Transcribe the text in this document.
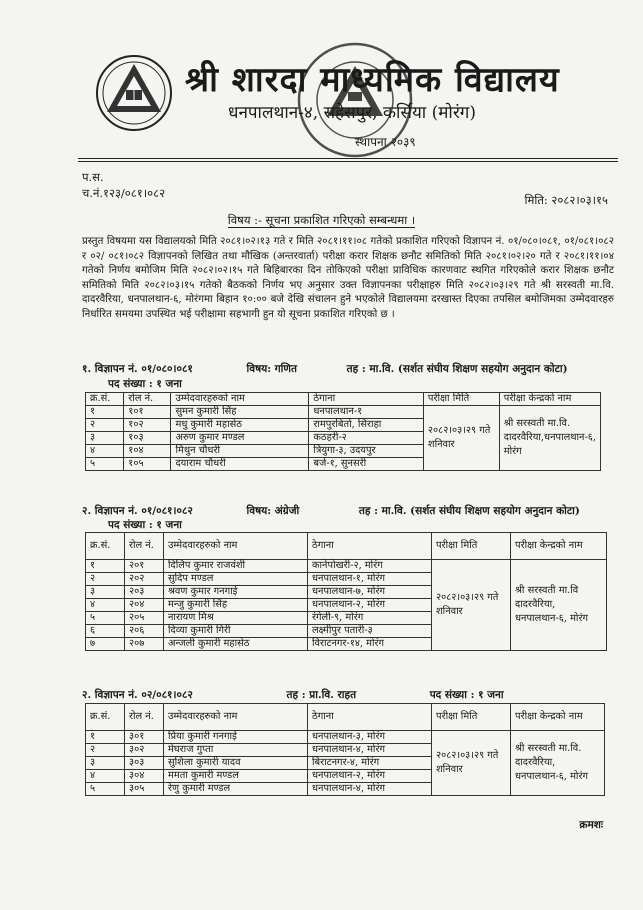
श्री शारदा माध्यमिक विद्यालय
धनपालथान-४, सहेसपुर, कर्सिया (मोरंग)
स्थापना २०३९
प.स.
च.नं.१२३/०८१।०८२	मिति: २०८२।०३।१५
विषय :- सूचना प्रकाशित गरिएको सम्बन्धमा ।
प्रस्तुत विषयमा यस विद्यालयको मिति २०८१।०२।१३ गते र मिति २०८१।११।०८ गतेको प्रकाशित गरिएको विज्ञापन नं. ०१/०८०।०८१, ०१/०८१।०८२ र ०२/ ०८१।०८२ विज्ञापनको लिखित तथा मौखिक (अन्तरवार्ता) परीक्षा करार शिक्षक छनौट समितिको मिति २०८१।०२।२० गते र २०८१।११।०४ गतेको निर्णय बमोजिम मिति २०८२।०२।१५ गते बिहिबारका दिन तोकिएको परीक्षा प्राविधिक कारणवाट स्थगित गरिएकोले करार शिक्षक छनौट समितिको मिति २०८२।०३।१५ गतेको बैठकको निर्णय भए अनुसार उक्त विज्ञापनका परीक्षाहरु मिति २०८२।०३।२९ गते श्री सरस्वती मा.वि. दादरवैरिया, धनपालथान-६, मोरंगमा बिहान १०:०० बजे देखि संचालन हुने भएकोले विद्यालयमा दरखास्त दिएका तपसिल बमोजिमका उम्मेदवारहरु निर्धारित समयमा उपस्थित भई परीक्षामा सहभागी हुन यो सूचना प्रकाशित गरिएको छ ।
१. विज्ञापन नं. ०१/०८०।०८१	विषय: गणित	तह : मा.वि. (सर्शत संघीय शिक्षण सहयोग अनुदान कोटा)
पद संख्या : १ जना
क्र.सं.	रोल नं.	उम्मेदवारहरुको नाम	ठेगाना	परीक्षा मिति	परीक्षा केन्द्रको नाम
१	१०१	सुमन कुमारी सिंह	धनपालथान-१	२०८२।०३।२९ गते शनिवार	श्री सरस्वती मा.वि. दादरवैरिया,धनपालथान-६, मोरंग
२	१०२	मधु कुमारी महासेठ	रामपुरबिर्ता, सिराहा		
३	१०३	अरुण कुमार मण्डल	कठहरी-२		
४	१०४	मिथुन चौधरी	त्रियुगा-३, उदयपुर		
५	१०५	दयाराम चौधरी	बर्ज-१, सुनसरी		
२. विज्ञापन नं. ०१/०८१।०८२	विषय: अंग्रेजी	तह : मा.वि. (सर्शत संघीय शिक्षण सहयोग अनुदान कोटा)
पद संख्या : १ जना
क्र.सं.	रोल नं.	उम्मेदवारहरुको नाम	ठेगाना	परीक्षा मिति	परीक्षा केन्द्रको नाम
१	२०१	दिलिप कुमार राजवंशी	कानेपोखरी-२, मोरंग	२०८२।०३।२९ गते शनिवार	श्री सरस्वती मा.वि दादरवैरिया, धनपालथान-६, मोरंग
२	२०२	सुदिप मण्डल	धनपालथान-१, मोरंग		
३	२०३	श्रवण कुमार गनगाई	धनपालथान-७, मोरंग		
४	२०४	मन्जु कुमारी सिंह	धनपालथान-२, मोरंग		
५	२०५	नारायण मिश्र	रंगेली-९, मोरंग		
६	२०६	दिव्या कुमारी गिरी	लक्ष्मीपुर पतारी-३		
७	२०७	अन्जली कुमारी महासेठ	विराटनगर-१४, मोरंग		
२. विज्ञापन नं. ०२/०८१।०८२	तह : प्रा.वि. राहत	पद संख्या : १ जना
क्र.सं.	रोल नं.	उम्मेदवारहरुको नाम	ठेगाना	परीक्षा मिति	परीक्षा केन्द्रको नाम
१	३०१	प्रिया कुमारी गनगाई	धनपालथान-३, मोरंग	२०८२।०३।२९ गते शनिवार	श्री सरस्वती मा.वि. दादरवैरिया, धनपालथान-६, मोरंग
२	३०२	मेघराज गुप्ता	धनपालथान-४, मोरंग		
३	३०३	सुशिला कुमारी यादव	बिराटनगर-४, मोरंग		
४	३०४	ममता कुमारी मण्डल	धनपालथान-२, मोरंग		
५	३०५	रेणु कुमारी मण्डल	धनपालथान-४, मोरंग		
क्रमशः
